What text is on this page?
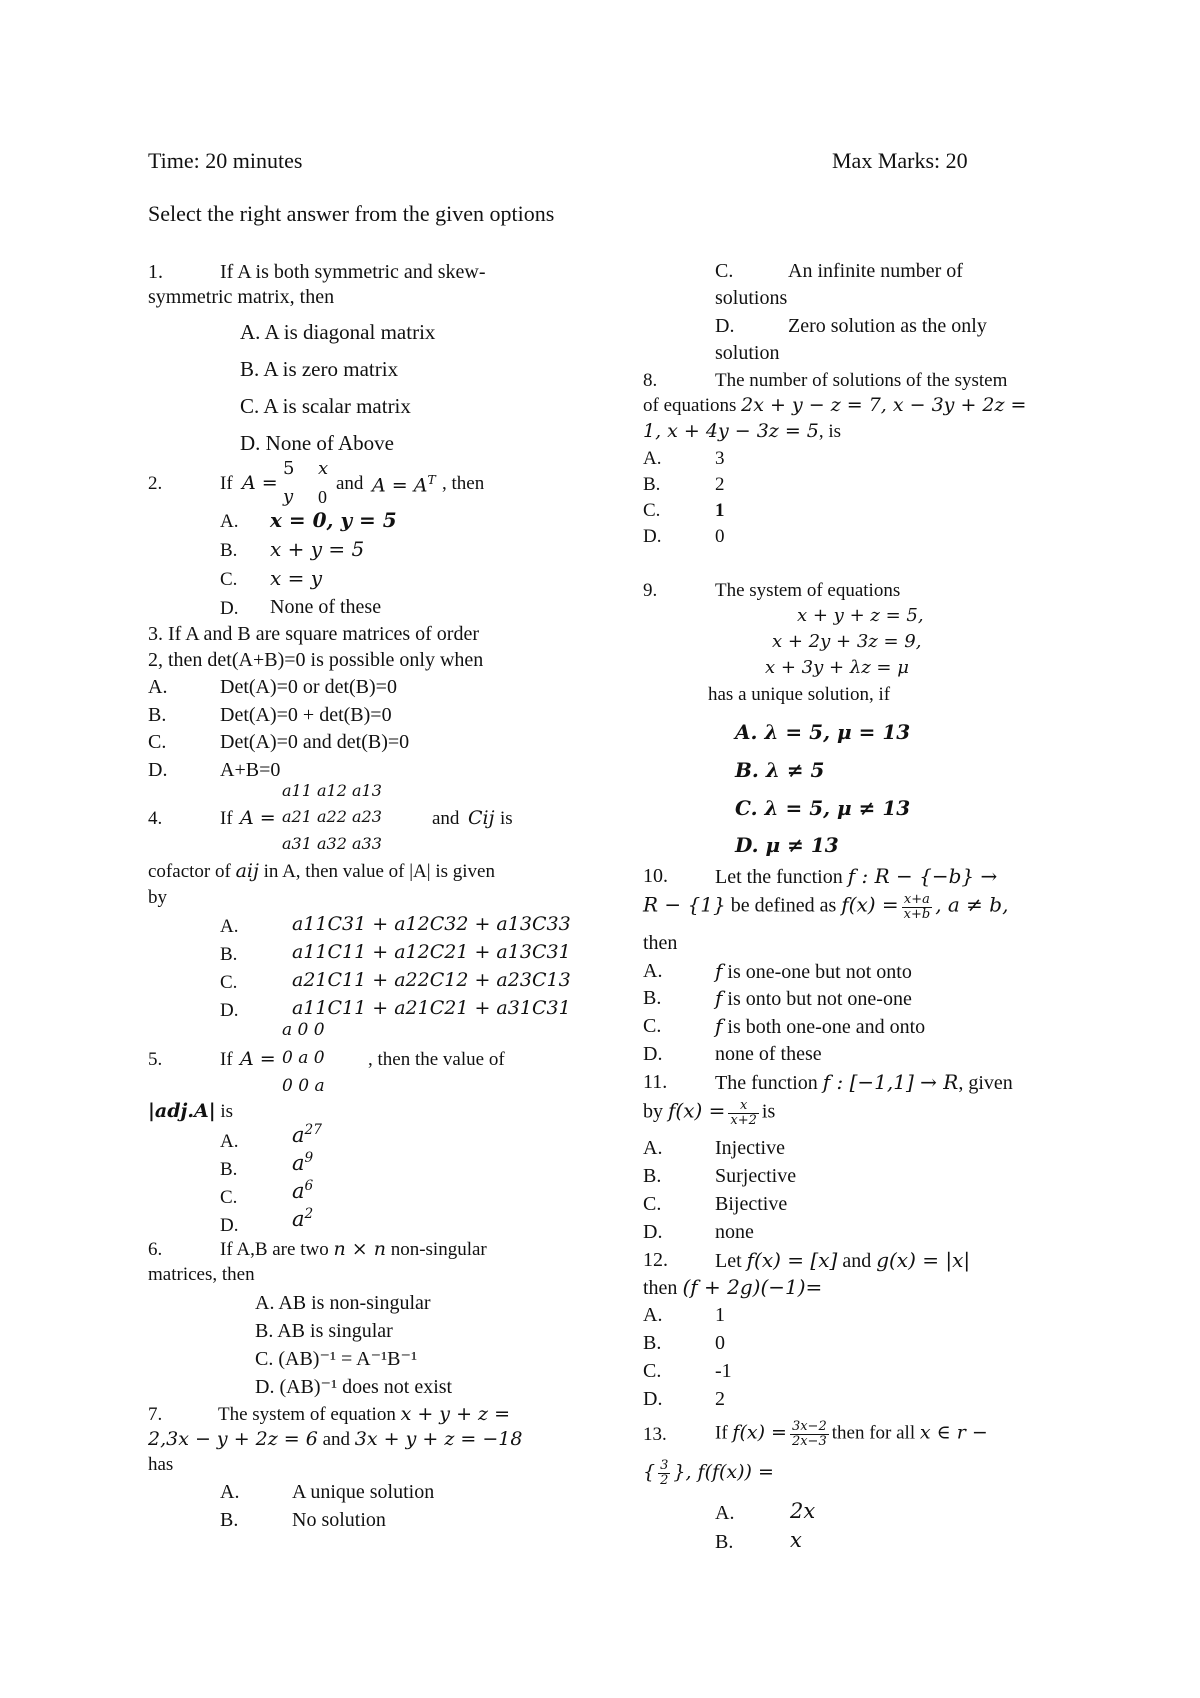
Time: 20 minutes	Max Marks: 20
Select the right answer from the given options
1.	If A is both symmetric and skew-
symmetric matrix, then
A. A is diagonal matrix
B. A is zero matrix
C. A is scalar matrix
D. None of Above
5 x
2.	If A =	and $A = A^T$ , then
y 0
A. x = 0, y = 5
B. x + y = 5
C. x = y
D. None of these
3. If A and B are square matrices of order
2, then det(A+B)=0 is possible only when
A.	Det(A)=0 or det(B)=0
B.	Det(A)=0 + det(B)=0
C.	Det(A)=0 and det(B)=0
D.	A+B=0
a11 a12 a13
4.	If A = a21 a22 a23	and Cij is
a31 a32 a33
cofactor of aij in A, then value of |A| is given
by
A.	a11C31 + a12C32 + a13C33
B.	a11C11 + a12C21 + a13C31
C.	a21C11 + a22C12 + a23C13
D.	a11C11 + a21C21 + a31C31
a 0 0
5.	If A = 0 a 0 , then the value of
0 0 a
|adj.A| is
A.	$a^{27}$
B.	$a^9$
C.	$a^6$
D.	$a^2$
6.	If A,B are two n × n non-singular
matrices, then
A. AB is non-singular
B. AB is singular
C. (AB)⁻¹ = A⁻¹B⁻¹
D. (AB)⁻¹ does not exist
7.	The system of equation x + y + z =
2,3x − y + 2z = 6 and 3x + y + z = −18
has
A.	A unique solution
B.	No solution
C.	An infinite number of
solutions
D.	Zero solution as the only
solution
8.	The number of solutions of the system
of equations 2x + y − z = 7, x − 3y + 2z =
1, x + 4y − 3z = 5, is
A.	3
B.	2
C.	1
D.	0
9.	The system of equations
x + y + z = 5,
x + 2y + 3z = 9,
x + 3y + λz = μ
has a unique solution, if
A. λ = 5, μ = 13
B. λ ≠ 5
C. λ = 5, μ ≠ 13
D. μ ≠ 13
10. Let the function f : R − {−b} →
R − {1} be defined as $f(x) = \frac{x+a}{x+b}$ , a ≠ b,
then
A.	f is one-one but not onto
B.	f is onto but not one-one
C.	f is both one-one and onto
D.	none of these
11. The function f : [−1,1] → R, given
by $f(x) = \frac{x}{x+2}$ is
A.	Injective
B.	Surjective
C.	Bijective
D.	none
12. Let f(x) = [x] and g(x) = |x|
then (f + 2g)(−1)=
A.	1
B.	0
C.	-1
D.	2
13.	If $f(x) = \frac{3x-2}{2x-3}$ then for all x ∈ r −
{ $\frac{3}{2}$ }, f(f(x)) =
A.	2x
B.	x
